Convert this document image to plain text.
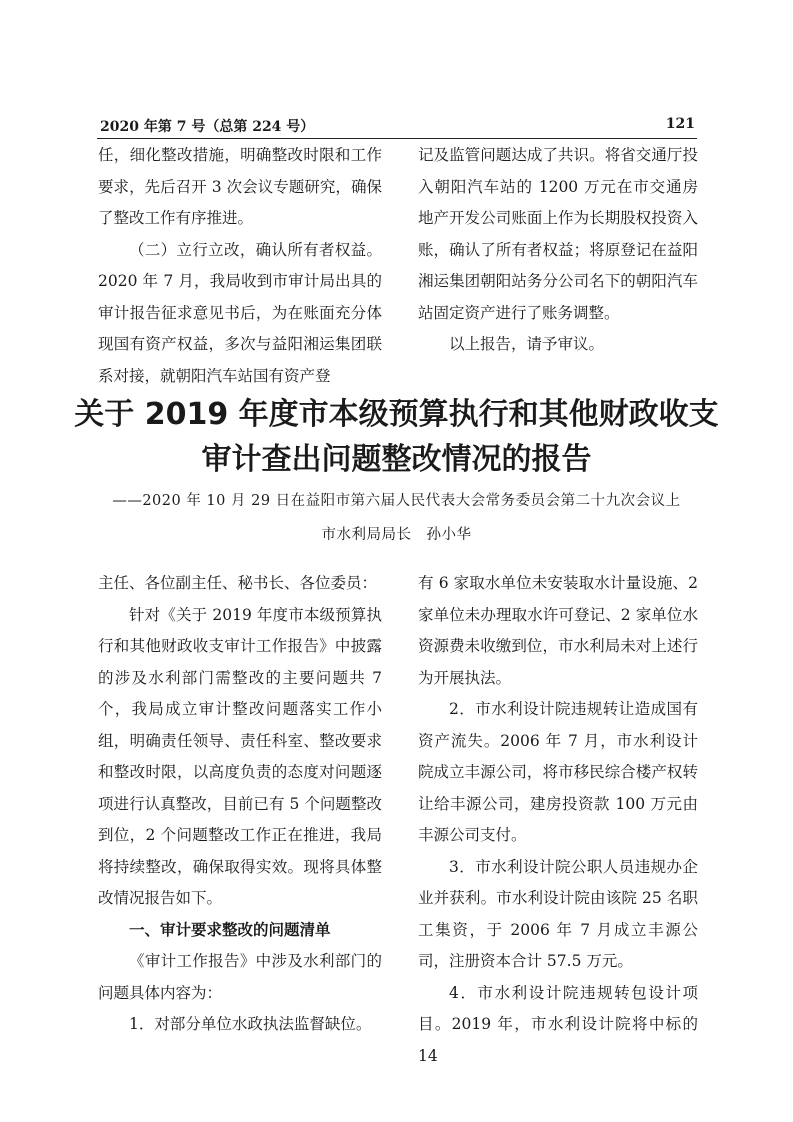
2020 年第 7 号（总第 224 号）	121

任，细化整改措施，明确整改时限和工作要求，先后召开 3 次会议专题研究，确保了整改工作有序推进。

（二）立行立改，确认所有者权益。2020 年 7 月，我局收到市审计局出具的审计报告征求意见书后，为在账面充分体现国有资产权益，多次与益阳湘运集团联系对接，就朝阳汽车站国有资产登

记及监管问题达成了共识。将省交通厅投入朝阳汽车站的 1200 万元在市交通房地产开发公司账面上作为长期股权投资入账，确认了所有者权益；将原登记在益阳湘运集团朝阳站务分公司名下的朝阳汽车站固定资产进行了账务调整。

以上报告，请予审议。

关于 2019 年度市本级预算执行和其他财政收支
审计查出问题整改情况的报告
——2020 年 10 月 29 日在益阳市第六届人民代表大会常务委员会第二十九次会议上
市水利局局长　孙小华

主任、各位副主任、秘书长、各位委员：

针对《关于 2019 年度市本级预算执行和其他财政收支审计工作报告》中披露的涉及水利部门需整改的主要问题共 7 个，我局成立审计整改问题落实工作小组，明确责任领导、责任科室、整改要求和整改时限，以高度负责的态度对问题逐项进行认真整改，目前已有 5 个问题整改到位，2 个问题整改工作正在推进，我局将持续整改，确保取得实效。现将具体整改情况报告如下。

一、审计要求整改的问题清单

《审计工作报告》中涉及水利部门的问题具体内容为：

1．对部分单位水政执法监督缺位。

有 6 家取水单位未安装取水计量设施、2 家单位未办理取水许可登记、2 家单位水资源费未收缴到位，市水利局未对上述行为开展执法。

2．市水利设计院违规转让造成国有资产流失。2006 年 7 月，市水利设计院成立丰源公司，将市移民综合楼产权转让给丰源公司，建房投资款 100 万元由丰源公司支付。

3．市水利设计院公职人员违规办企业并获利。市水利设计院由该院 25 名职工集资，于 2006 年 7 月成立丰源公司，注册资本合计 57.5 万元。

4．市水利设计院违规转包设计项目。2019 年，市水利设计院将中标的 14
